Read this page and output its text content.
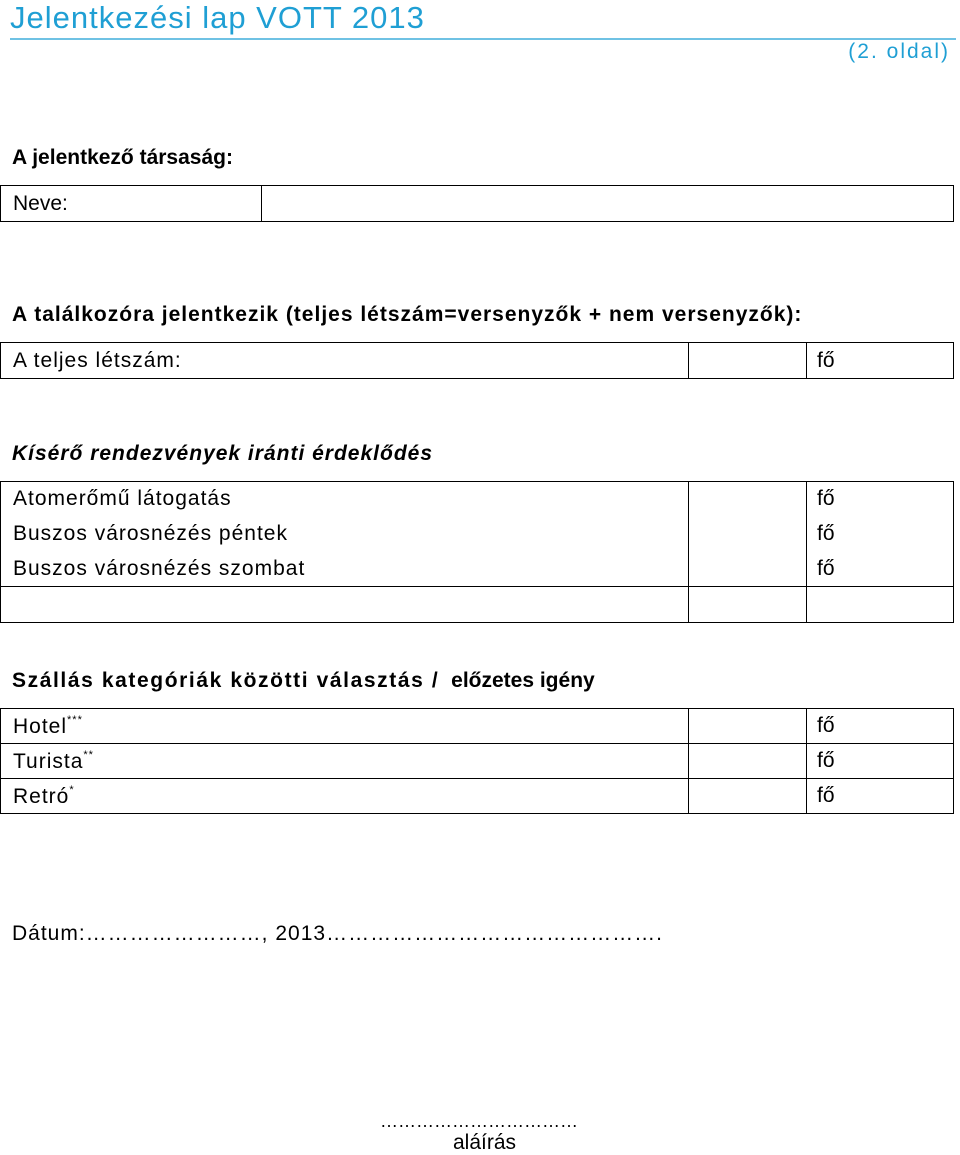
Jelentkezési lap VOTT 2013
(2. oldal)
A jelentkező társaság:
Neve:	
A találkozóra jelentkezik (teljes létszám=versenyzők + nem versenyzők):
A teljes létszám:		fő
Kísérő rendezvények iránti érdeklődés
Atomerőmű látogatás		fő
Buszos városnézés péntek		fő
Buszos városnézés szombat		fő

Szállás kategóriák közötti választás / előzetes igény
Hotel***		fő
Turista**		fő
Retró*		fő
Dátum:……………………, 2013……………………………………….
……………………………
aláírás
